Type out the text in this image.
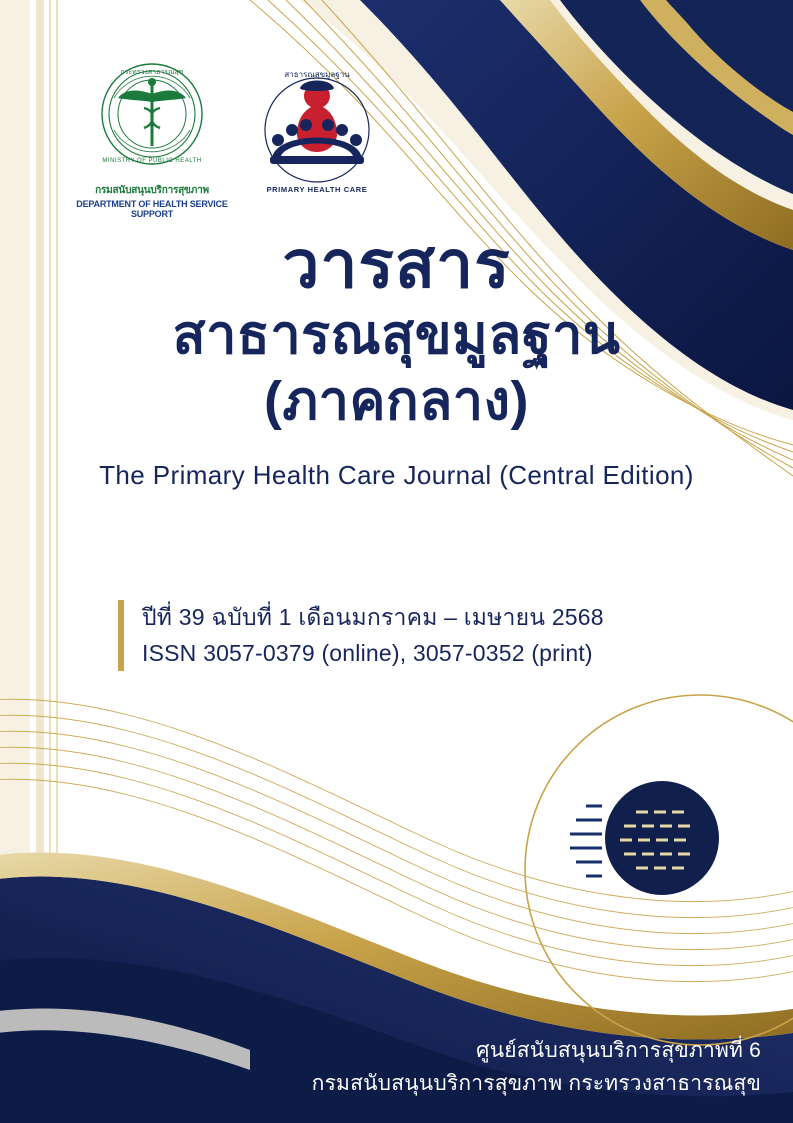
กระทรวงสาธารณสุข
MINISTRY OF PUBLIC HEALTH
กรมสนับสนุนบริการสุขภาพ
DEPARTMENT OF HEALTH SERVICE SUPPORT
สาธารณสุขมูลฐาน
PRIMARY HEALTH CARE
วารสาร
สาธารณสุขมูลฐาน
(ภาคกลาง)
The Primary Health Care Journal (Central Edition)
ปีที่ 39 ฉบับที่ 1 เดือนมกราคม – เมษายน 2568
ISSN 3057-0379 (online), 3057-0352 (print)
ศูนย์สนับสนุนบริการสุขภาพที่ 6
กรมสนับสนุนบริการสุขภาพ กระทรวงสาธารณสุข
